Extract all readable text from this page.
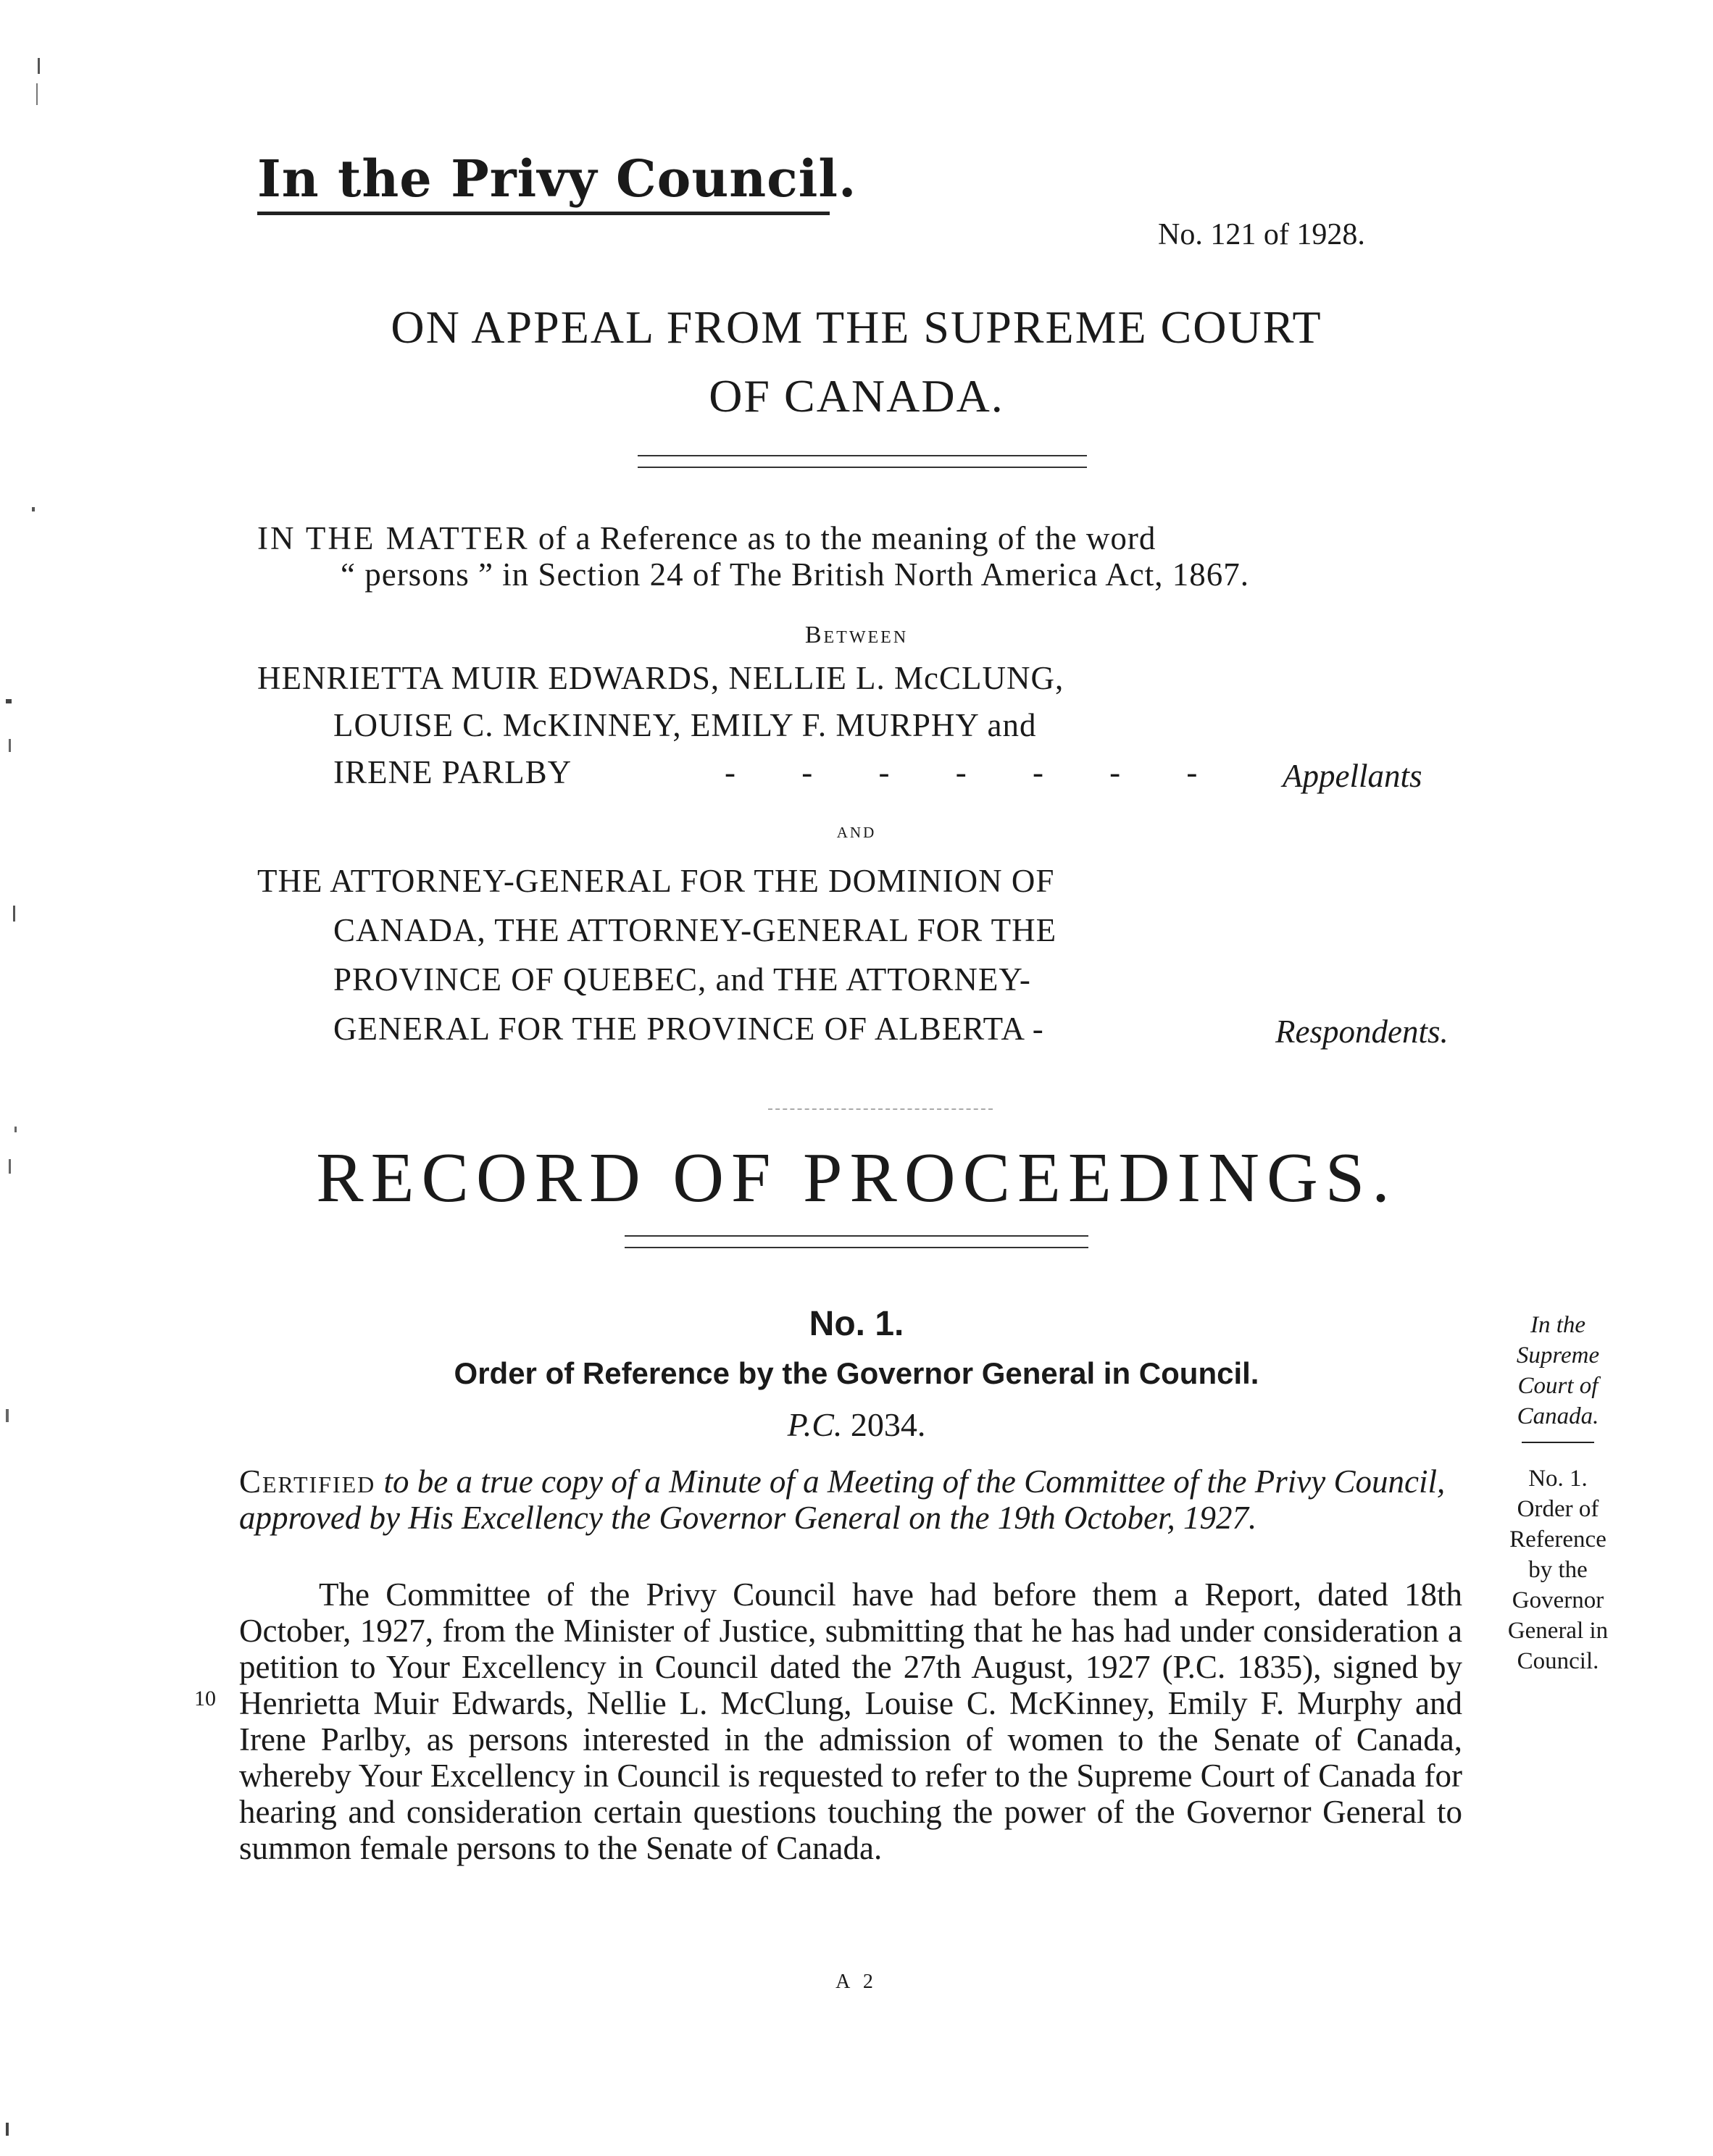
In the Privy Council.
No. 121 of 1928.
ON APPEAL FROM THE SUPREME COURT
OF CANADA.
IN THE MATTER of a Reference as to the meaning of the word
“ persons ” in Section 24 of The British North America Act, 1867.
Between
HENRIETTA MUIR EDWARDS, NELLIE L. McCLUNG,
LOUISE C. McKINNEY, EMILY F. MURPHY and
IRENE PARLBY	- - - - - - - Appellants
and
THE ATTORNEY-GENERAL FOR THE DOMINION OF
CANADA, THE ATTORNEY-GENERAL FOR THE
PROVINCE OF QUEBEC, and THE ATTORNEY-
GENERAL FOR THE PROVINCE OF ALBERTA -	Respondents.
RECORD OF PROCEEDINGS.
No. 1.
Order of Reference by the Governor General in Council.
P.C. 2034.
Certified to be a true copy of a Minute of a Meeting of the Committee of the Privy Council, approved by His Excellency the Governor General on the 19th October, 1927.
The Committee of the Privy Council have had before them a Report, dated 18th October, 1927, from the Minister of Justice, submitting that he has had under consideration a petition to Your Excellency in Council dated the 27th August, 1927 (P.C. 1835), signed by Henrietta Muir Edwards, Nellie L. McClung, Louise C. McKinney, Emily F. Murphy and Irene Parlby, as persons interested in the admission of women to the Senate of Canada, whereby Your Excellency in Council is requested to refer to the Supreme Court of Canada for hearing and consideration certain questions touching the power of the Governor General to summon female persons to the Senate of Canada.
10
A 2
In the
Supreme
Court of
Canada.
No. 1.
Order of
Reference
by the
Governor
General in
Council.
